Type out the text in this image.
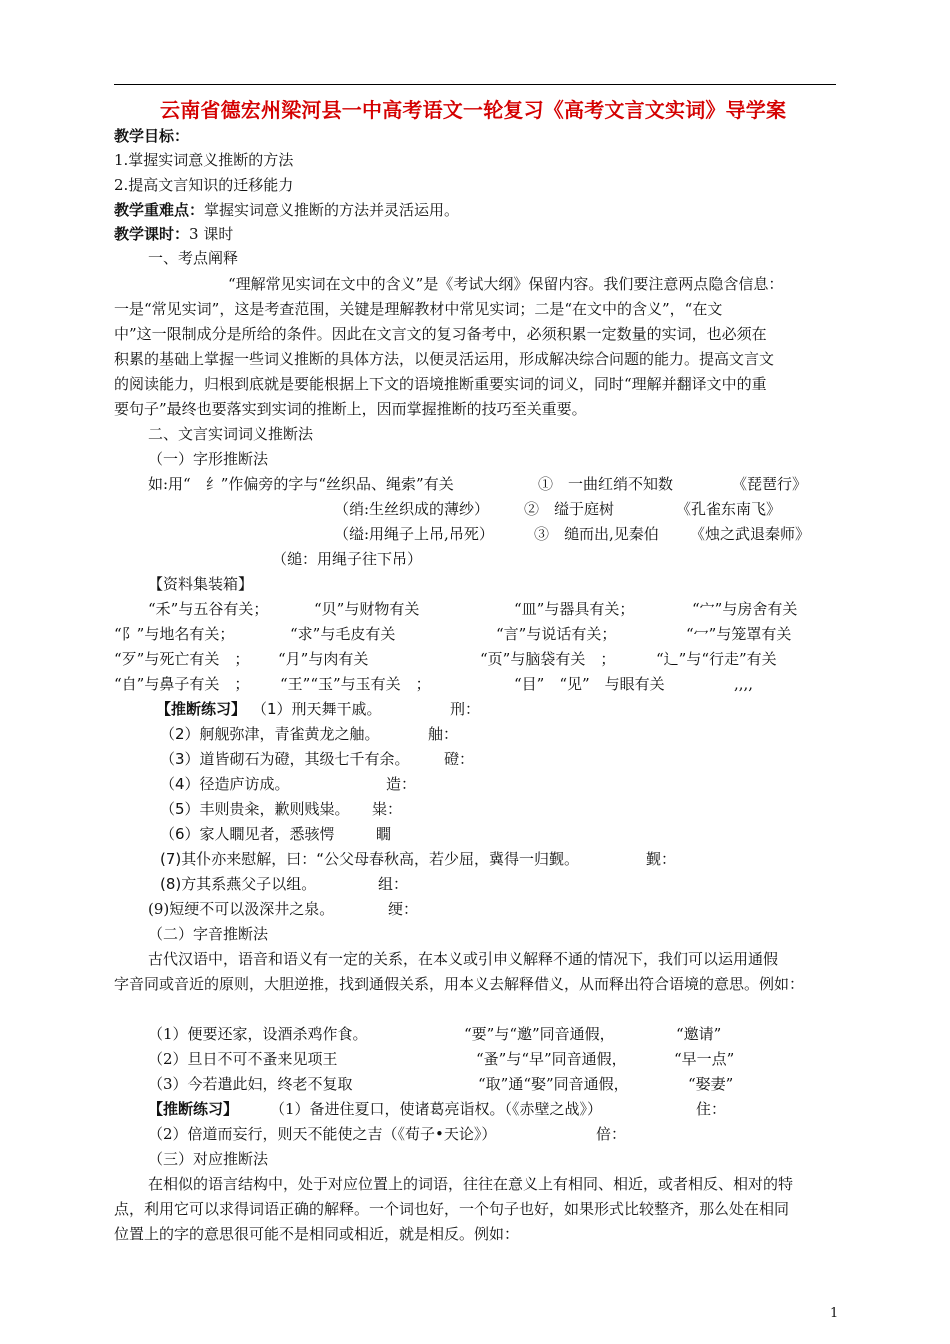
云南省德宏州梁河县一中高考语文一轮复习《高考文言文实词》导学案
教学目标：
1.掌握实词意义推断的方法
2.提高文言知识的迁移能力
教学重难点：掌握实词意义推断的方法并灵活运用。
教学课时：3 课时
一、考点阐释
“理解常见实词在文中的含义”是《考试大纲》保留内容。我们要注意两点隐含信息：
一是“常见实词”，这是考查范围，关键是理解教材中常见实词；二是“在文中的含义”，“在文
中”这一限制成分是所给的条件。因此在文言文的复习备考中，必须积累一定数量的实词，也必须在
积累的基础上掌握一些词义推断的具体方法，以便灵活运用，形成解决综合问题的能力。提高文言文
的阅读能力，归根到底就是要能根据上下文的语境推断重要实词的词义，同时“理解并翻译文中的重
要句子”最终也要落实到实词的推断上，因而掌握推断的技巧至关重要。
二、文言实词词义推断法
（一）字形推断法
如:用“　纟”作偏旁的字与“丝织品、绳索”有关	①　一曲红绡不知数	《琵琶行》
（绡:生丝织成的薄纱） ②　缢于庭树	《孔雀东南飞》
（缢:用绳子上吊,吊死）	③　缒而出,见秦伯 《烛之武退秦师》
（缒：用绳子往下吊）
【资料集装箱】
“禾”与五谷有关；	“贝”与财物有关	“皿”与器具有关；	“宀”与房舍有关
“阝”与地名有关；	“求”与毛皮有关	“言”与说话有关；	“冖”与笼罩有关
“歹”与死亡有关　； “月”与肉有关	“页”与脑袋有关　；	“辶”与“行走”有关
“自”与鼻子有关　； “王”“玉”与玉有关　；	“目”　“见”　与眼有关	,,,,
【推断练习】 （1）刑天舞干戚。	刑：
（2）舸舰弥津，青雀黄龙之舳。	舳：
（3）道皆砌石为磴，其级七千有余。 磴：
（4）径造庐访成。	造：
（5）丰则贵籴，歉则贱粜。 粜：
（6）家人瞯见者，悉骇愕	瞯
(7)其仆亦来慰解，曰：“公父母春秋高，若少屈，冀得一归觐。	觐：
(8)方其系燕父子以组。	组：
(9)短绠不可以汲深井之泉。	绠：
（二）字音推断法
古代汉语中，语音和语义有一定的关系，在本义或引申义解释不通的情况下，我们可以运用通假
字音同或音近的原则，大胆逆推，找到通假关系，用本义去解释借义，从而释出符合语境的意思。例如：
（1）便要还家，设酒杀鸡作食。	“要”与“邀”同音通假，	“邀请”
（2）旦日不可不蚤来见项王	“蚤”与“早”同音通假，	“早一点”
（3）今若遣此妇，终老不复取	“取”通“娶”同音通假，	“娶妻”
【推断练习】 （1）备进住夏口，使诸葛亮诣权。（《赤壁之战》）	住：
（2）倍道而妄行，则天不能使之吉（《荀子•天论》）	倍：
（三）对应推断法
在相似的语言结构中，处于对应位置上的词语，往往在意义上有相同、相近，或者相反、相对的特
点，利用它可以求得词语正确的解释。一个词也好，一个句子也好，如果形式比较整齐，那么处在相同
位置上的字的意思很可能不是相同或相近，就是相反。例如：
1
